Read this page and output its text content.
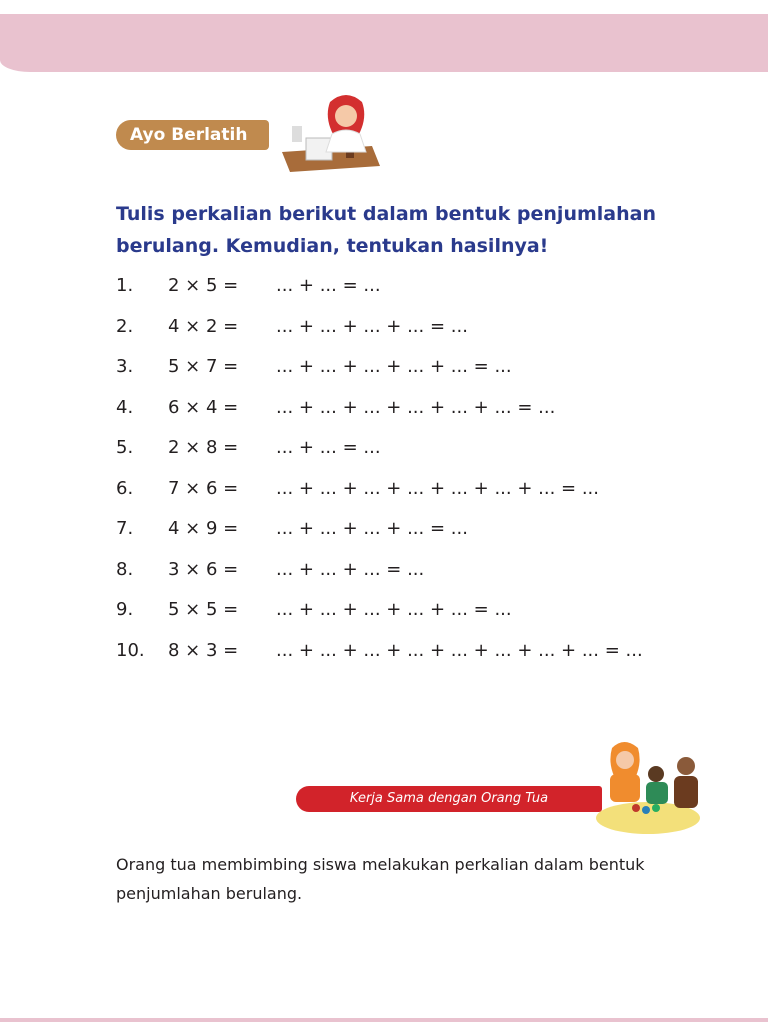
Ayo Berlatih
Tulis perkalian berikut dalam bentuk penjumlahan berulang. Kemudian, tentukan hasilnya!
1.	2 × 5 =	... + ... = ...
2.	4 × 2 =	... + ... + ... + ... = ...
3.	5 × 7 =	... + ... + ... + ... + ... = ...
4.	6 × 4 =	... + ... + ... + ... + ... + ... = ...
5.	2 × 8 =	... + ... = ...
6.	7 × 6 =	... + ... + ... + ... + ... + ... + ... = ...
7.	4 × 9 =	... + ... + ... + ... = ...
8.	3 × 6 =	... + ... + ... = ...
9.	5 × 5 =	... + ... + ... + ... + ... = ...
10.	8 × 3 =	... + ... + ... + ... + ... + ... + ... + ... = ...
Kerja Sama dengan Orang Tua
Orang tua membimbing siswa melakukan perkalian dalam bentuk penjumlahan berulang.
